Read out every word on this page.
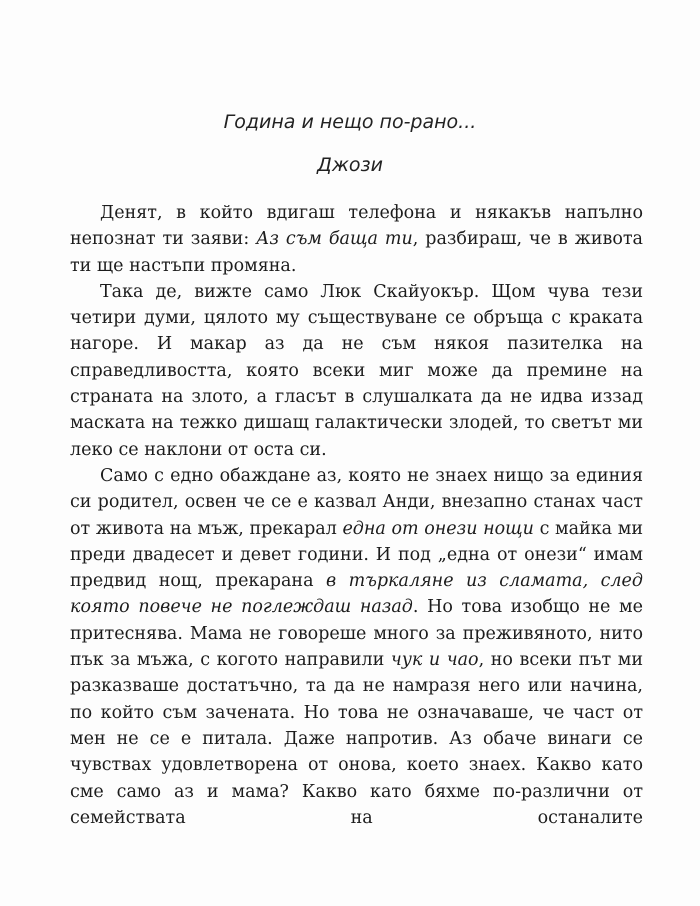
Година и нещо по-рано...
Джози

Денят, в който вдигаш телефона и някакъв напълно непознат ти заяви: Аз съм баща ти, разбираш, че в живота ти ще настъпи промяна.

Така де, вижте само Люк Скайуокър. Щом чува тези четири думи, цялото му съществуване се обръща с краката нагоре. И макар аз да не съм някоя пазителка на справедливостта, която всеки миг може да премине на страната на злото, а гласът в слушалката да не идва иззад маската на тежко дишащ галактически злодей, то светът ми леко се наклони от оста си.

Само с едно обаждане аз, която не знаех нищо за единия си родител, освен че се е казвал Анди, внезапно станах част от живота на мъж, прекарал една от онези нощи с майка ми преди двадесет и девет години. И под „една от онези“ имам предвид нощ, прекарана в търкаляне из сламата, след която повече не поглеждаш назад. Но това изобщо не ме притеснява. Мама не говореше много за преживяното, нито пък за мъжа, с когото направили чук и чао, но всеки път ми разказваше достатъчно, та да не намразя него или начина, по който съм заченатa. Но това не означаваше, че част от мен не се е питала. Даже напротив. Аз обаче винаги се чувствах удовлетворена от онова, което знаех. Какво като сме само аз и мама? Какво като бяхме по-различни от семействата на останалите
